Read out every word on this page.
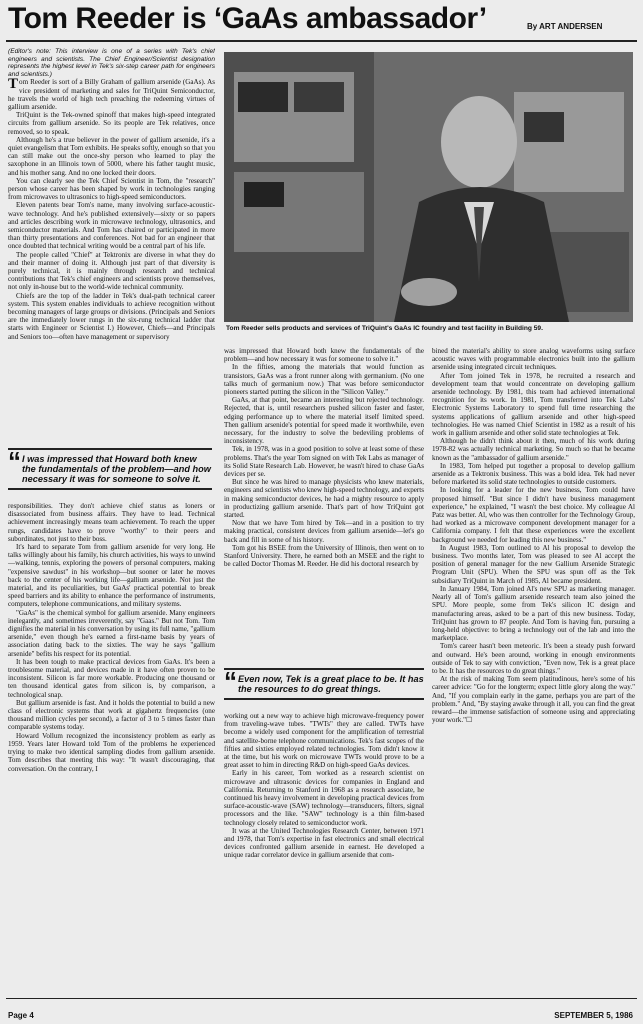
Tom Reeder is ‘GaAs ambassador’	By ART ANDERSEN
(Editor's note: This interview is one of a series with Tek's chief engineers and scientists. The Chief Engineer/Scientist designation represents the highest level in Tek's six-step career path for engineers and scientists.)

Tom Reeder is sort of a Billy Graham of gallium arsenide (GaAs). As vice president of marketing and sales for TriQuint Semiconductor, he travels the world of high tech preaching the redeeming virtues of gallium arsenide.

TriQuint is the Tek-owned spinoff that makes high-speed integrated circuits from gallium arsenide. So its people are Tek relatives, once removed, so to speak.

Although he's a true believer in the power of gallium arsenide, it's a quiet evangelism that Tom exhibits. He speaks softly, enough so that you can still make out the once-shy person who learned to play the saxophone in an Illinois town of 5000, where his father taught music, and his mother sang. And no one locked their doors.

You can clearly see the Tek Chief Scientist in Tom, the "research" person whose career has been shaped by work in technologies ranging from microwaves to ultrasonics to high-speed semiconductors.

Eleven patents bear Tom's name, many involving surface-acoustic-wave technology. And he's published extensively—sixty or so papers and articles describing work in microwave technology, ultrasonics, and semiconductor materials. And Tom has chaired or participated in more than thirty presentations and conferences. Not bad for an engineer that once doubted that technical writing would be a central part of his life.

The people called "Chief" at Tektronix are diverse in what they do and their manner of doing it. Although just part of that diversity is purely technical, it is mainly through research and technical contributions that Tek's chief engineers and scientists prove themselves, not only in-house but to the world-wide technical community.

Chiefs are the top of the ladder in Tek's dual-path technical career system. This system enables individuals to achieve recognition without becoming managers of large groups or divisions. (Principals and Seniors are the immediately lower rungs in the six-rung technical ladder that starts with Engineer or Scientist I.) However, Chiefs—and Principals and Seniors too—often have management or supervisory

“ I was impressed that Howard both knew the fundamentals of the problem—and how necessary it was for someone to solve it.

responsibilities. They don't achieve chief status as loners or disassociated from business affairs. They have to lead. Technical achievement increasingly means team achievement. To reach the upper rungs, candidates have to prove "worthy" to their peers and subordinates, not just to their boss.

It's hard to separate Tom from gallium arsenide for very long. He talks willingly about his family, his church activities, his ways to unwind—walking, tennis, exploring the powers of personal computers, making "expensive sawdust" in his workshop—but sooner or later he moves back to the center of his working life—gallium arsenide. Not just the material, and its peculiarities, but GaAs' practical potential to break speed barriers and its ability to enhance the performance of instruments, computers, telephone communications, and military systems.

"GaAs" is the chemical symbol for gallium arsenide. Many engineers inelegantly, and sometimes irreverently, say "Gaas." But not Tom. Tom dignifies the material in his conversation by using its full name, "gallium arsenide," even though he's earned a first-name basis by years of association dating back to the sixties. The way he says "gallium arsenide" befits his respect for its potential.

It has been tough to make practical devices from GaAs. It's been a troublesome material, and devices made in it have often proven to be inconsistent. Silicon is far more workable. Producing one thousand or ten thousand identical gates from silicon is, by comparison, a technological snap.

But gallium arsenide is fast. And it holds the potential to build a new class of electronic systems that work at gigahertz frequencies (one thousand million cycles per second), a factor of 3 to 5 times faster than comparable systems today.

Howard Vollum recognized the inconsistency problem as early as 1959. Years later Howard told Tom of the problems he experienced trying to make two identical sampling diodes from gallium arsenide. Tom describes that meeting this way: "It wasn't discouraging, that conversation. On the contrary, I

Tom Reeder sells products and services of TriQuint's GaAs IC foundry and test facility in Building 59.

was impressed that Howard both knew the fundamentals of the problem—and how necessary it was for someone to solve it."

In the fifties, among the materials that would function as transistors, GaAs was a front runner along with germanium. (No one talks much of germanium now.) That was before semiconductor pioneers started putting the silicon in the "Silicon Valley."

GaAs, at that point, became an interesting but rejected technology. Rejected, that is, until researchers pushed silicon faster and faster, edging performance up to where the material itself limited speed. Then gallium arsenide's potential for speed made it worthwhile, even necessary, for the industry to solve the bedeviling problems of inconsistency.

Tek, in 1978, was in a good position to solve at least some of these problems. That's the year Tom signed on with Tek Labs as manager of its Solid State Research Lab. However, he wasn't hired to chase GaAs devices per se.

But since he was hired to manage physicists who knew materials, engineers and scientists who knew high-speed technology, and experts in making semiconductor devices, he had a mighty resource to apply in productizing gallium arsenide. That's part of how TriQuint got started.

Now that we have Tom hired by Tek—and in a position to try making practical, consistent devices from gallium arsenide—let's go back and fill in some of his history.

Tom got his BSEE from the University of Illinois, then went on to Stanford University. There, he earned both an MSEE and the right to be called Doctor Thomas M. Reeder. He did his doctoral research by

“ Even now, Tek is a great place to be. It has the resources to do great things.

working out a new way to achieve high microwave-frequency power from traveling-wave tubes. "TWTs" they are called. TWTs have become a widely used component for the amplification of terrestrial and satellite-borne telephone communications. Tek's fast scopes of the fifties and sixties employed related technologies. Tom didn't know it at the time, but his work on microwave TWTs would prove to be a great asset to him in directing R&D on high-speed GaAs devices.

Early in his career, Tom worked as a research scientist on microwave and ultrasonic devices for companies in England and California. Returning to Stanford in 1968 as a research associate, he continued his heavy involvement in developing practical devices from surface-acoustic-wave (SAW) technology—transducers, filters, signal processors and the like. "SAW" technology is a thin film-based technology closely related to semiconductor work.

It was at the United Technologies Research Center, between 1971 and 1978, that Tom's expertise in fast electronics and small electrical devices confronted gallium arsenide in earnest. He developed a unique radar correlator device in gallium arsenide that com-

bined the material's ability to store analog waveforms using surface acoustic waves with programmable electronics built into the gallium arsenide using integrated circuit techniques.

After Tom joined Tek in 1978, he recruited a research and development team that would concentrate on developing gallium arsenide technology. By 1981, this team had achieved international recognition for its work. In 1981, Tom transferred into Tek Labs' Electronic Systems Laboratory to spend full time researching the systems applications of gallium arsenide and other high-speed technologies. He was named Chief Scientist in 1982 as a result of his work in gallium arsenide and other solid state technologies at Tek.

Although he didn't think about it then, much of his work during 1978-82 was actually technical marketing. So much so that he became known as the "ambassador of gallium arsenide."

In 1983, Tom helped put together a proposal to develop gallium arsenide as a Tektronix business. This was a bold idea. Tek had never before marketed its solid state technologies to outside customers.

In looking for a leader for the new business, Tom could have proposed himself. "But since I didn't have business management experience," he explained, "I wasn't the best choice. My colleague Al Patz was better. Al, who was then controller for the Technology Group, had worked as a microwave component development manager for a California company. I felt that these experiences were the excellent background we needed for leading this new business."

In August 1983, Tom outlined to Al his proposal to develop the business. Two months later, Tom was pleased to see Al accept the position of general manager for the new Gallium Arsenide Strategic Program Unit (SPU). When the SPU was spun off as the Tek subsidiary TriQuint in March of 1985, Al became president.

In January 1984, Tom joined Al's new SPU as marketing manager. Nearly all of Tom's gallium arsenide research team also joined the SPU. More people, some from Tek's silicon IC design and manufacturing areas, asked to be a part of this new business. Today, TriQuint has grown to 87 people. And Tom is having fun, pursuing a long-held objective: to bring a technology out of the lab and into the marketplace.

Tom's career hasn't been meteoric. It's been a steady push forward and outward. He's been around, working in enough environments outside of Tek to say with conviction, "Even now, Tek is a great place to be. It has the resources to do great things."

At the risk of making Tom seem platitudinous, here's some of his career advice: "Go for the longterm; expect little glory along the way." And, "If you complain early in the game, perhaps you are part of the problem." And, "By staying awake through it all, you can find the great reward—the immense satisfaction of someone using and appreciating your work."☐

Page 4	SEPTEMBER 5, 1986
